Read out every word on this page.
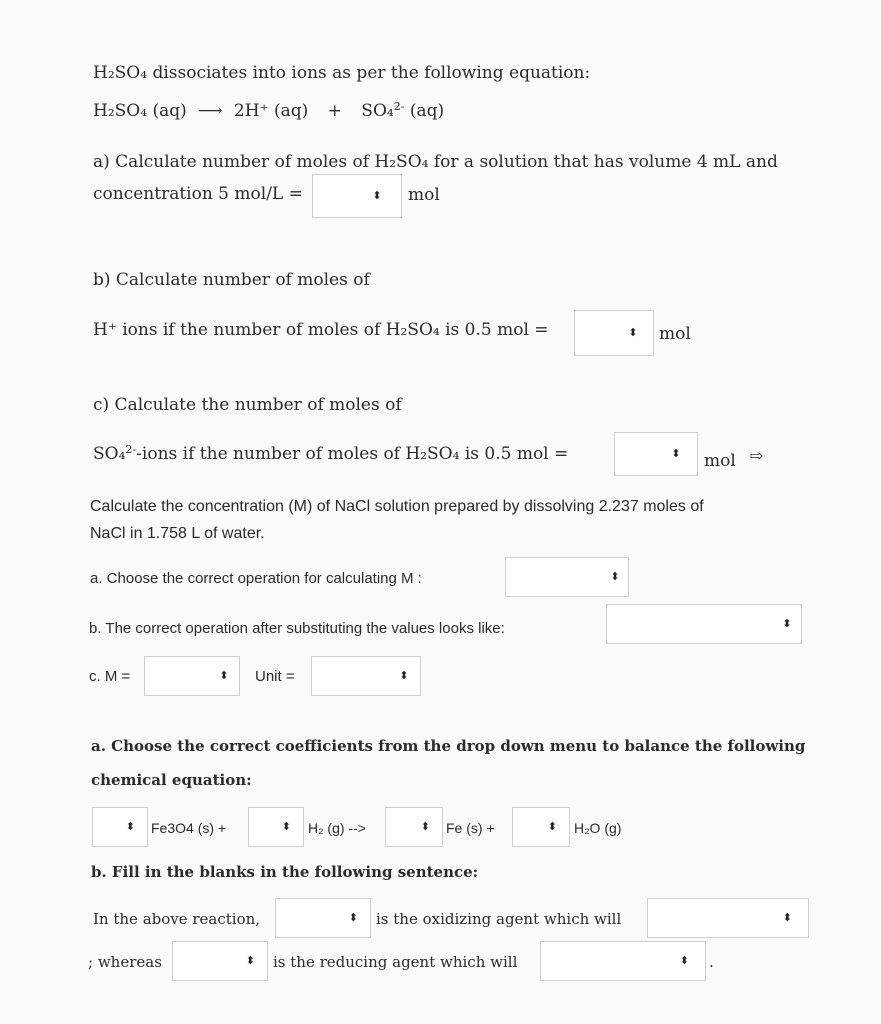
H₂SO₄ dissociates into ions as per the following equation:
H₂SO₄ (aq) ⟶ 2H⁺ (aq) + SO₄$^{2-}$ (aq)
a) Calculate number of moles of H₂SO₄ for a solution that has volume 4 mL and
concentration 5 mol/L =	⬍ mol
b) Calculate number of moles of
H⁺ ions if the number of moles of H₂SO₄ is 0.5 mol =	⬍ mol
c) Calculate the number of moles of
SO₄$^{2-}$-ions if the number of moles of H₂SO₄ is 0.5 mol =	⬍ mol ⇨
Calculate the concentration (M) of NaCl solution prepared by dissolving 2.237 moles of
NaCl in 1.758 L of water.
a. Choose the correct operation for calculating M :	⬍
b. The correct operation after substituting the values looks like:	⬍
c. M =	⬍ Unit =	⬍
a. Choose the correct coefficients from the drop down menu to balance the following
chemical equation:
⬍ Fe3O4 (s) +	⬍ H₂ (g) -->	⬍ Fe (s) +	⬍ H₂O (g)
b. Fill in the blanks in the following sentence:
In the above reaction,	⬍ is the oxidizing agent which will	⬍
; whereas	⬍ is the reducing agent which will	⬍ .
